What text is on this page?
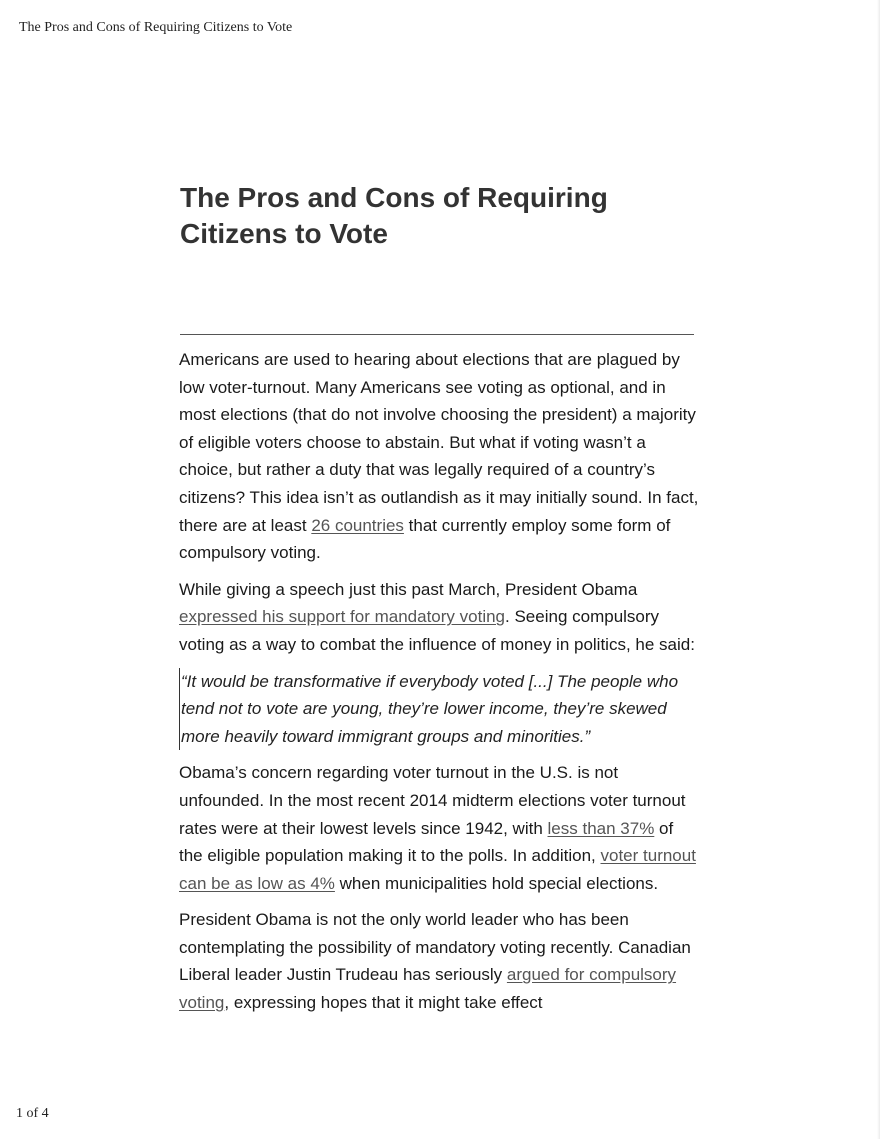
The Pros and Cons of Requiring Citizens to Vote
The Pros and Cons of Requiring Citizens to Vote

Americans are used to hearing about elections that are plagued by low voter-turnout. Many Americans see voting as optional, and in most elections (that do not involve choosing the president) a majority of eligible voters choose to abstain. But what if voting wasn’t a choice, but rather a duty that was legally required of a country’s citizens? This idea isn’t as outlandish as it may initially sound. In fact, there are at least 26 countries that currently employ some form of compulsory voting.

While giving a speech just this past March, President Obama expressed his support for mandatory voting. Seeing compulsory voting as a way to combat the influence of money in politics, he said:

“It would be transformative if everybody voted [...] The people who tend not to vote are young, they’re lower income, they’re skewed more heavily toward immigrant groups and minorities.”

Obama’s concern regarding voter turnout in the U.S. is not unfounded. In the most recent 2014 midterm elections voter turnout rates were at their lowest levels since 1942, with less than 37% of the eligible population making it to the polls. In addition, voter turnout can be as low as 4% when municipalities hold special elections.

President Obama is not the only world leader who has been contemplating the possibility of mandatory voting recently. Canadian Liberal leader Justin Trudeau has seriously argued for compulsory voting, expressing hopes that it might take effect

1 of 4
